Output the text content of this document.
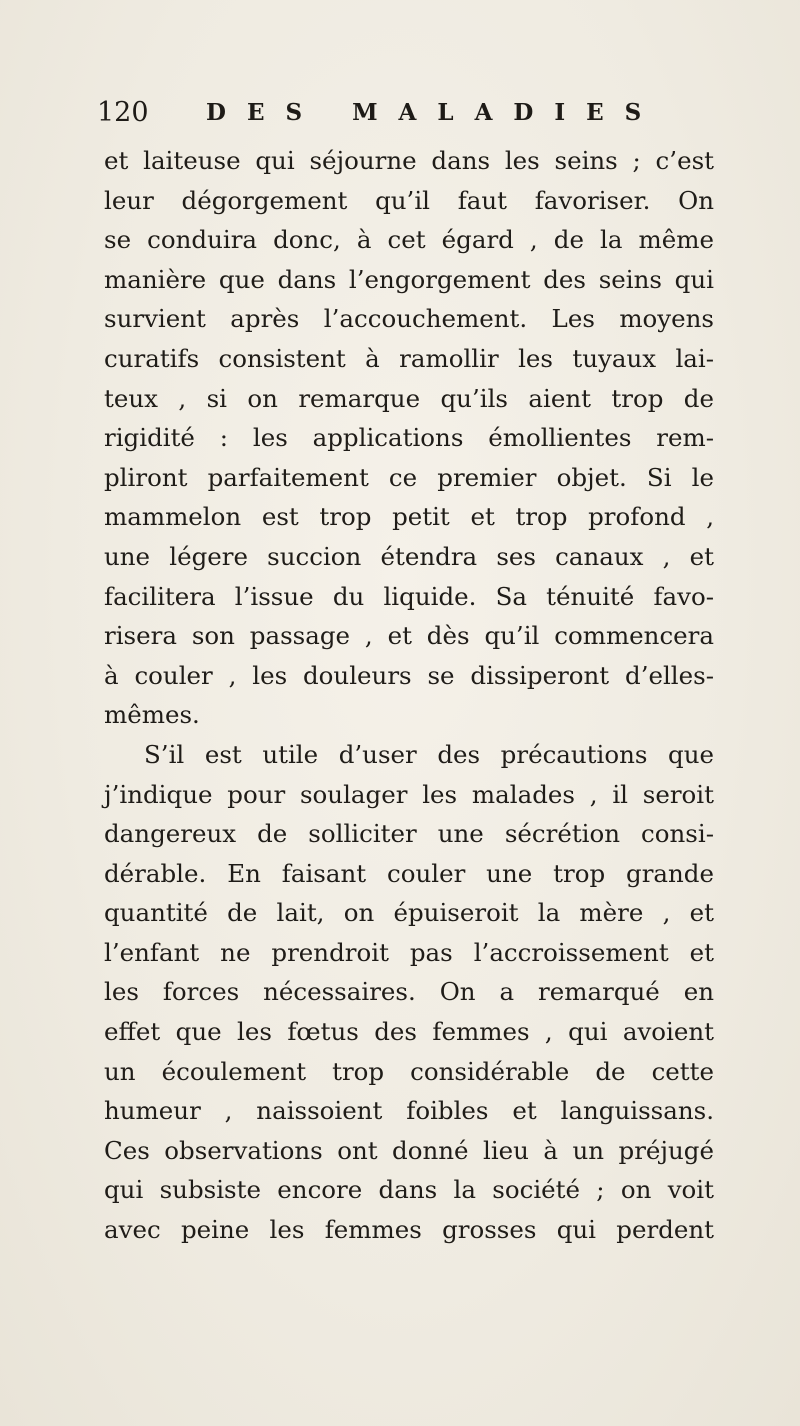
120 DES MALADIES
et laiteuse qui séjourne dans les seins ; c’est
leur dégorgement qu’il faut favoriser. On
se conduira donc, à cet égard , de la même
manière que dans l’engorgement des seins qui
survient après l’accouchement. Les moyens
curatifs consistent à ramollir les tuyaux lai-
teux , si on remarque qu’ils aient trop de
rigidité : les applications émollientes rem-
pliront parfaitement ce premier objet. Si le
mammelon est trop petit et trop profond ,
une légere succion étendra ses canaux , et
facilitera l’issue du liquide. Sa ténuité favo-
risera son passage , et dès qu’il commencera
à couler , les douleurs se dissiperont d’elles-
mêmes.
S’il est utile d’user des précautions que
j’indique pour soulager les malades , il seroit
dangereux de solliciter une sécrétion consi-
dérable. En faisant couler une trop grande
quantité de lait, on épuiseroit la mère , et
l’enfant ne prendroit pas l’accroissement et
les forces nécessaires. On a remarqué en
effet que les fœtus des femmes , qui avoient
un écoulement trop considérable de cette
humeur , naissoient foibles et languissans.
Ces observations ont donné lieu à un préjugé
qui subsiste encore dans la société ; on voit
avec peine les femmes grosses qui perdent
